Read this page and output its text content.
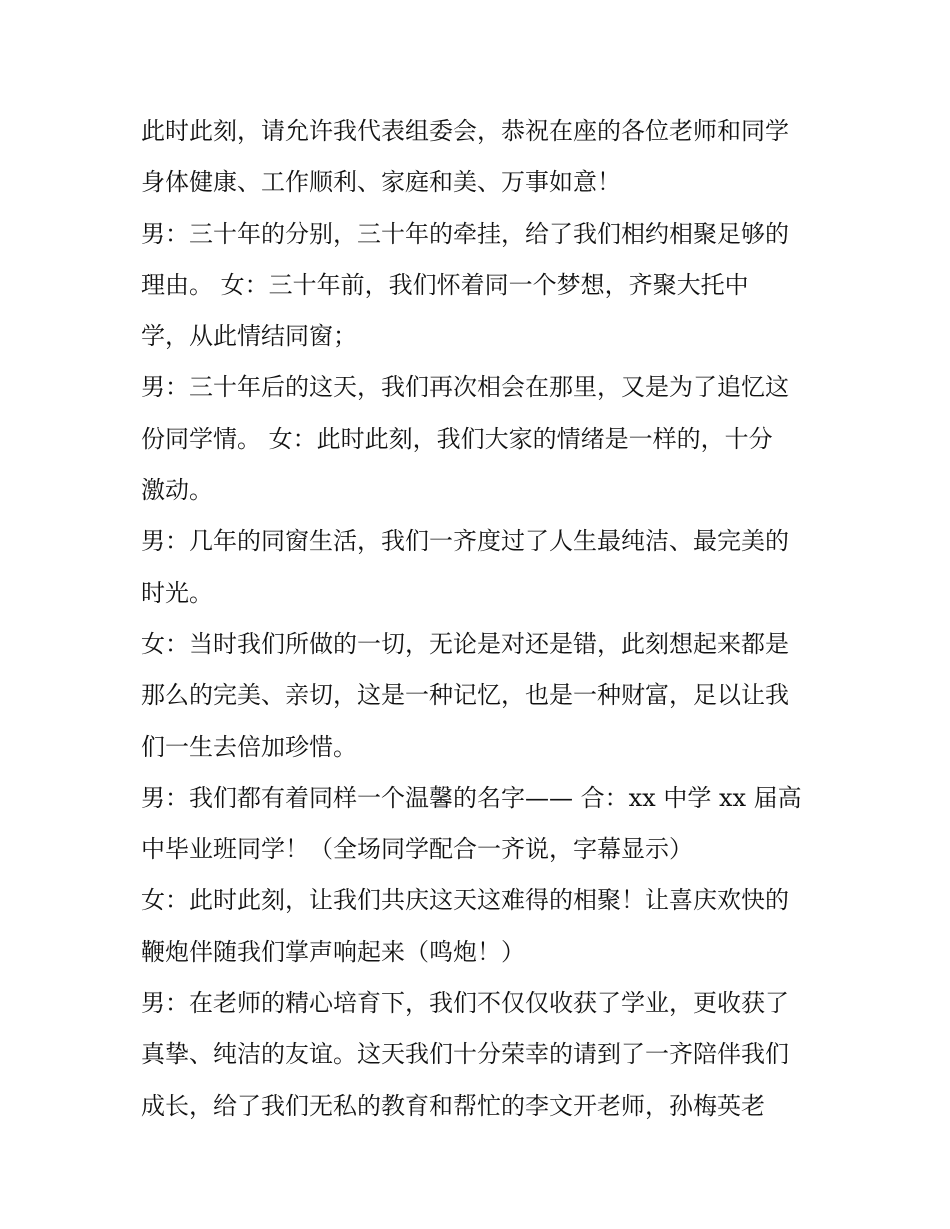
此时此刻，请允许我代表组委会，恭祝在座的各位老师和同学
身体健康、工作顺利、家庭和美、万事如意！
男：三十年的分别，三十年的牵挂，给了我们相约相聚足够的
理由。 女：三十年前，我们怀着同一个梦想，齐聚大托中
学，从此情结同窗；
男：三十年后的这天，我们再次相会在那里，又是为了追忆这
份同学情。 女：此时此刻，我们大家的情绪是一样的，十分
激动。
男：几年的同窗生活，我们一齐度过了人生最纯洁、最完美的
时光。
女：当时我们所做的一切，无论是对还是错，此刻想起来都是
那么的完美、亲切，这是一种记忆，也是一种财富，足以让我
们一生去倍加珍惜。
男：我们都有着同样一个温馨的名字—— 合：xx 中学 xx 届高
中毕业班同学！（全场同学配合一齐说，字幕显示）
女：此时此刻，让我们共庆这天这难得的相聚！让喜庆欢快的
鞭炮伴随我们掌声响起来（鸣炮！）
男：在老师的精心培育下，我们不仅仅收获了学业，更收获了
真挚、纯洁的友谊。这天我们十分荣幸的请到了一齐陪伴我们
成长，给了我们无私的教育和帮忙的李文开老师，孙梅英老
